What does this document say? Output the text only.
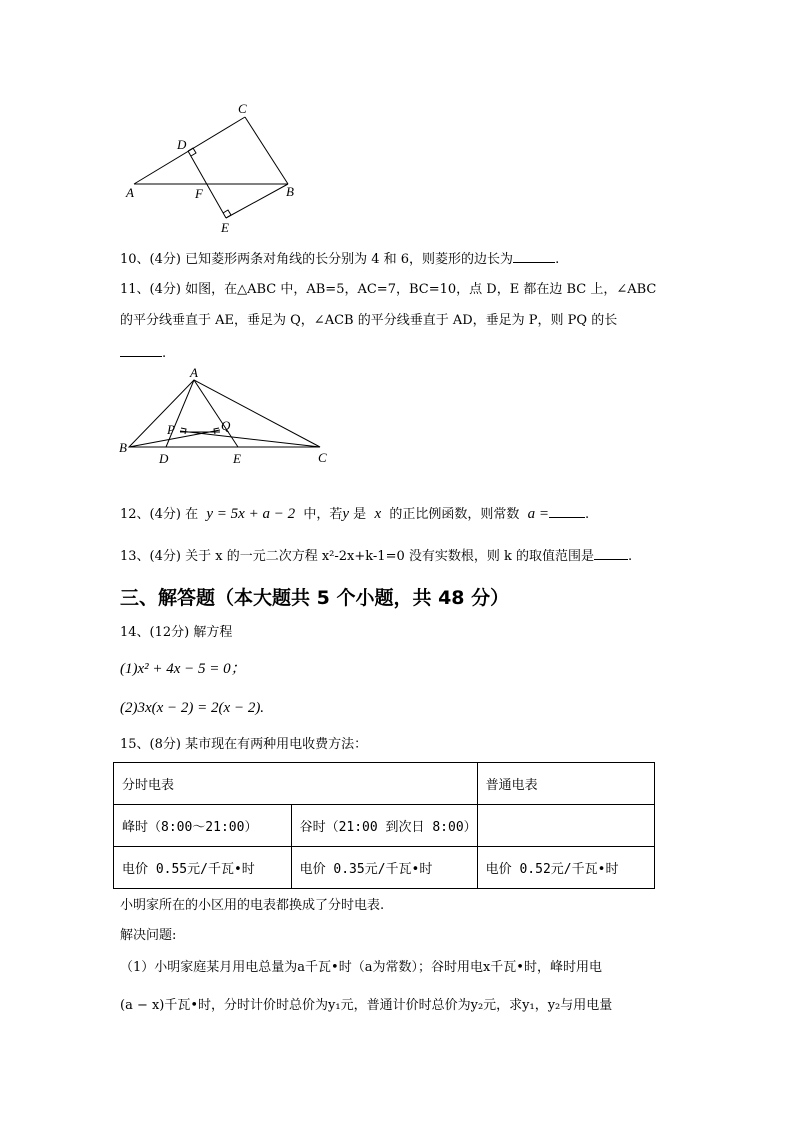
C
D
A	F	B
E
10、(4分) 已知菱形两条对角线的长分别为 4 和 6，则菱形的边长为	.
11、(4分) 如图，在△ABC 中，AB=5，AC=7，BC=10，点 D，E 都在边 BC 上，∠ABC
的平分线垂直于 AE，垂足为 Q，∠ACB 的平分线垂直于 AD，垂足为 P，则 PQ 的长
.
A
P	Q
B
D	E	C
12、(4分) 在 y = 5x + a − 2 中，若y 是 x 的正比例函数，则常数 a =	.
13、(4分) 关于 x 的一元二次方程 x²-2x+k-1=0 没有实数根，则 k 的取值范围是	.
三、解答题（本大题共 5 个小题，共 48 分）
14、(12分) 解方程
(1)x² + 4x − 5 = 0；
(2)3x(x − 2) = 2(x − 2).
15、(8分) 某市现在有两种用电收费方法：
分时电表		普通电表
峰时（8:00～21:00）	谷时（21:00 到次日 8:00）	
电价 0.55元/千瓦•时	电价 0.35元/千瓦•时	电价 0.52元/千瓦•时
小明家所在的小区用的电表都换成了分时电表.
解决问题:
（1）小明家庭某月用电总量为a千瓦•时（a为常数）；谷时用电x千瓦•时，峰时用电
(a − x)千瓦•时，分时计价时总价为y₁元，普通计价时总价为y₂元，求y₁，y₂与用电量
